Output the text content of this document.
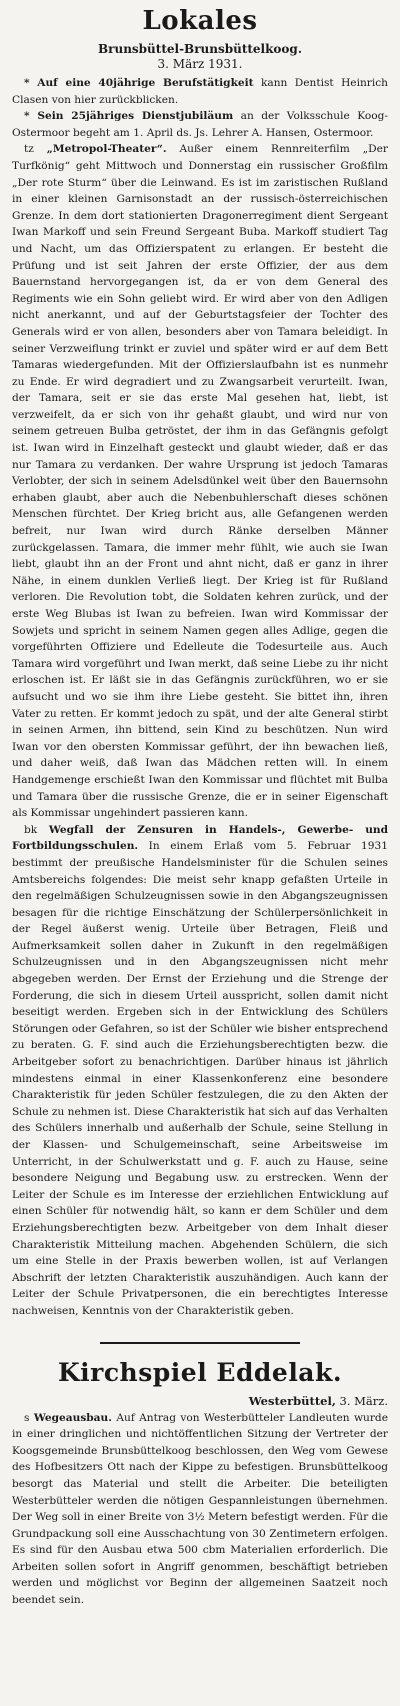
Lokales
Brunsbüttel-Brunsbüttelkoog.
3. März 1931.

* Auf eine 40jährige Berufstätigkeit kann Dentist Heinrich Clasen von hier zurückblicken.

* Sein 25jähriges Dienstjubiläum an der Volksschule Koog-Ostermoor begeht am 1. April ds. Js. Lehrer A. Hansen, Ostermoor.

tz „Metropol-Theater“. Außer einem Rennreiterfilm „Der Turfkönig“ geht Mittwoch und Donnerstag ein russischer Großfilm „Der rote Sturm“ über die Leinwand. Es ist im zaristischen Rußland in einer kleinen Garnisonstadt an der russisch-österreichischen Grenze. In dem dort stationierten Dragonerregiment dient Sergeant Iwan Markoff und sein Freund Sergeant Buba. Markoff studiert Tag und Nacht, um das Offizierspatent zu erlangen. Er besteht die Prüfung und ist seit Jahren der erste Offizier, der aus dem Bauernstand hervorgegangen ist, da er von dem General des Regiments wie ein Sohn geliebt wird. Er wird aber von den Adligen nicht anerkannt, und auf der Geburtstagsfeier der Tochter des Generals wird er von allen, besonders aber von Tamara beleidigt. In seiner Verzweiflung trinkt er zuviel und später wird er auf dem Bett Tamaras wiedergefunden. Mit der Offizierslaufbahn ist es nunmehr zu Ende. Er wird degradiert und zu Zwangsarbeit verurteilt. Iwan, der Tamara, seit er sie das erste Mal gesehen hat, liebt, ist verzweifelt, da er sich von ihr gehaßt glaubt, und wird nur von seinem getreuen Bulba getröstet, der ihm in das Gefängnis gefolgt ist. Iwan wird in Einzelhaft gesteckt und glaubt wieder, daß er das nur Tamara zu verdanken. Der wahre Ursprung ist jedoch Tamaras Verlobter, der sich in seinem Adelsdünkel weit über den Bauernsohn erhaben glaubt, aber auch die Nebenbuhlerschaft dieses schönen Menschen fürchtet. Der Krieg bricht aus, alle Gefangenen werden befreit, nur Iwan wird durch Ränke derselben Männer zurückgelassen. Tamara, die immer mehr fühlt, wie auch sie Iwan liebt, glaubt ihn an der Front und ahnt nicht, daß er ganz in ihrer Nähe, in einem dunklen Verließ liegt. Der Krieg ist für Rußland verloren. Die Revolution tobt, die Soldaten kehren zurück, und der erste Weg Blubas ist Iwan zu befreien. Iwan wird Kommissar der Sowjets und spricht in seinem Namen gegen alles Adlige, gegen die vorgeführten Offiziere und Edelleute die Todesurteile aus. Auch Tamara wird vorgeführt und Iwan merkt, daß seine Liebe zu ihr nicht erloschen ist. Er läßt sie in das Gefängnis zurückführen, wo er sie aufsucht und wo sie ihm ihre Liebe gesteht. Sie bittet ihn, ihren Vater zu retten. Er kommt jedoch zu spät, und der alte General stirbt in seinen Armen, ihn bittend, sein Kind zu beschützen. Nun wird Iwan vor den obersten Kommissar geführt, der ihn bewachen ließ, und daher weiß, daß Iwan das Mädchen retten will. In einem Handgemenge erschießt Iwan den Kommissar und flüchtet mit Bulba und Tamara über die russische Grenze, die er in seiner Eigenschaft als Kommissar ungehindert passieren kann.

bk Wegfall der Zensuren in Handels-, Gewerbe- und Fortbildungsschulen. In einem Erlaß vom 5. Februar 1931 bestimmt der preußische Handelsminister für die Schulen seines Amtsbereichs folgendes: Die meist sehr knapp gefaßten Urteile in den regelmäßigen Schulzeugnissen sowie in den Abgangszeugnissen besagen für die richtige Einschätzung der Schülerpersönlichkeit in der Regel äußerst wenig. Urteile über Betragen, Fleiß und Aufmerksamkeit sollen daher in Zukunft in den regelmäßigen Schulzeugnissen und in den Abgangszeugnissen nicht mehr abgegeben werden. Der Ernst der Erziehung und die Strenge der Forderung, die sich in diesem Urteil ausspricht, sollen damit nicht beseitigt werden. Ergeben sich in der Entwicklung des Schülers Störungen oder Gefahren, so ist der Schüler wie bisher entsprechend zu beraten. G. F. sind auch die Erziehungsberechtigten bezw. die Arbeitgeber sofort zu benachrichtigen. Darüber hinaus ist jährlich mindestens einmal in einer Klassenkonferenz eine besondere Charakteristik für jeden Schüler festzulegen, die zu den Akten der Schule zu nehmen ist. Diese Charakteristik hat sich auf das Verhalten des Schülers innerhalb und außerhalb der Schule, seine Stellung in der Klassen- und Schulgemeinschaft, seine Arbeitsweise im Unterricht, in der Schulwerkstatt und g. F. auch zu Hause, seine besondere Neigung und Begabung usw. zu erstrecken. Wenn der Leiter der Schule es im Interesse der erziehlichen Entwicklung auf einen Schüler für notwendig hält, so kann er dem Schüler und dem Erziehungsberechtigten bezw. Arbeitgeber von dem Inhalt dieser Charakteristik Mitteilung machen. Abgehenden Schülern, die sich um eine Stelle in der Praxis bewerben wollen, ist auf Verlangen Abschrift der letzten Charakteristik auszuhändigen. Auch kann der Leiter der Schule Privatpersonen, die ein berechtigtes Interesse nachweisen, Kenntnis von der Charakteristik geben.

Kirchspiel Eddelak.
Westerbüttel, 3. März.

s Wegeausbau. Auf Antrag von Westerbütteler Landleuten wurde in einer dringlichen und nichtöffentlichen Sitzung der Vertreter der Koogsgemeinde Brunsbüttelkoog beschlossen, den Weg vom Gewese des Hofbesitzers Ott nach der Kippe zu befestigen. Brunsbüttelkoog besorgt das Material und stellt die Arbeiter. Die beteiligten Westerbütteler werden die nötigen Gespannleistungen übernehmen. Der Weg soll in einer Breite von 3½ Metern befestigt werden. Für die Grundpackung soll eine Ausschachtung von 30 Zentimetern erfolgen. Es sind für den Ausbau etwa 500 cbm Materialien erforderlich. Die Arbeiten sollen sofort in Angriff genommen, beschäftigt betrieben werden und möglichst vor Beginn der allgemeinen Saatzeit noch beendet sein.
